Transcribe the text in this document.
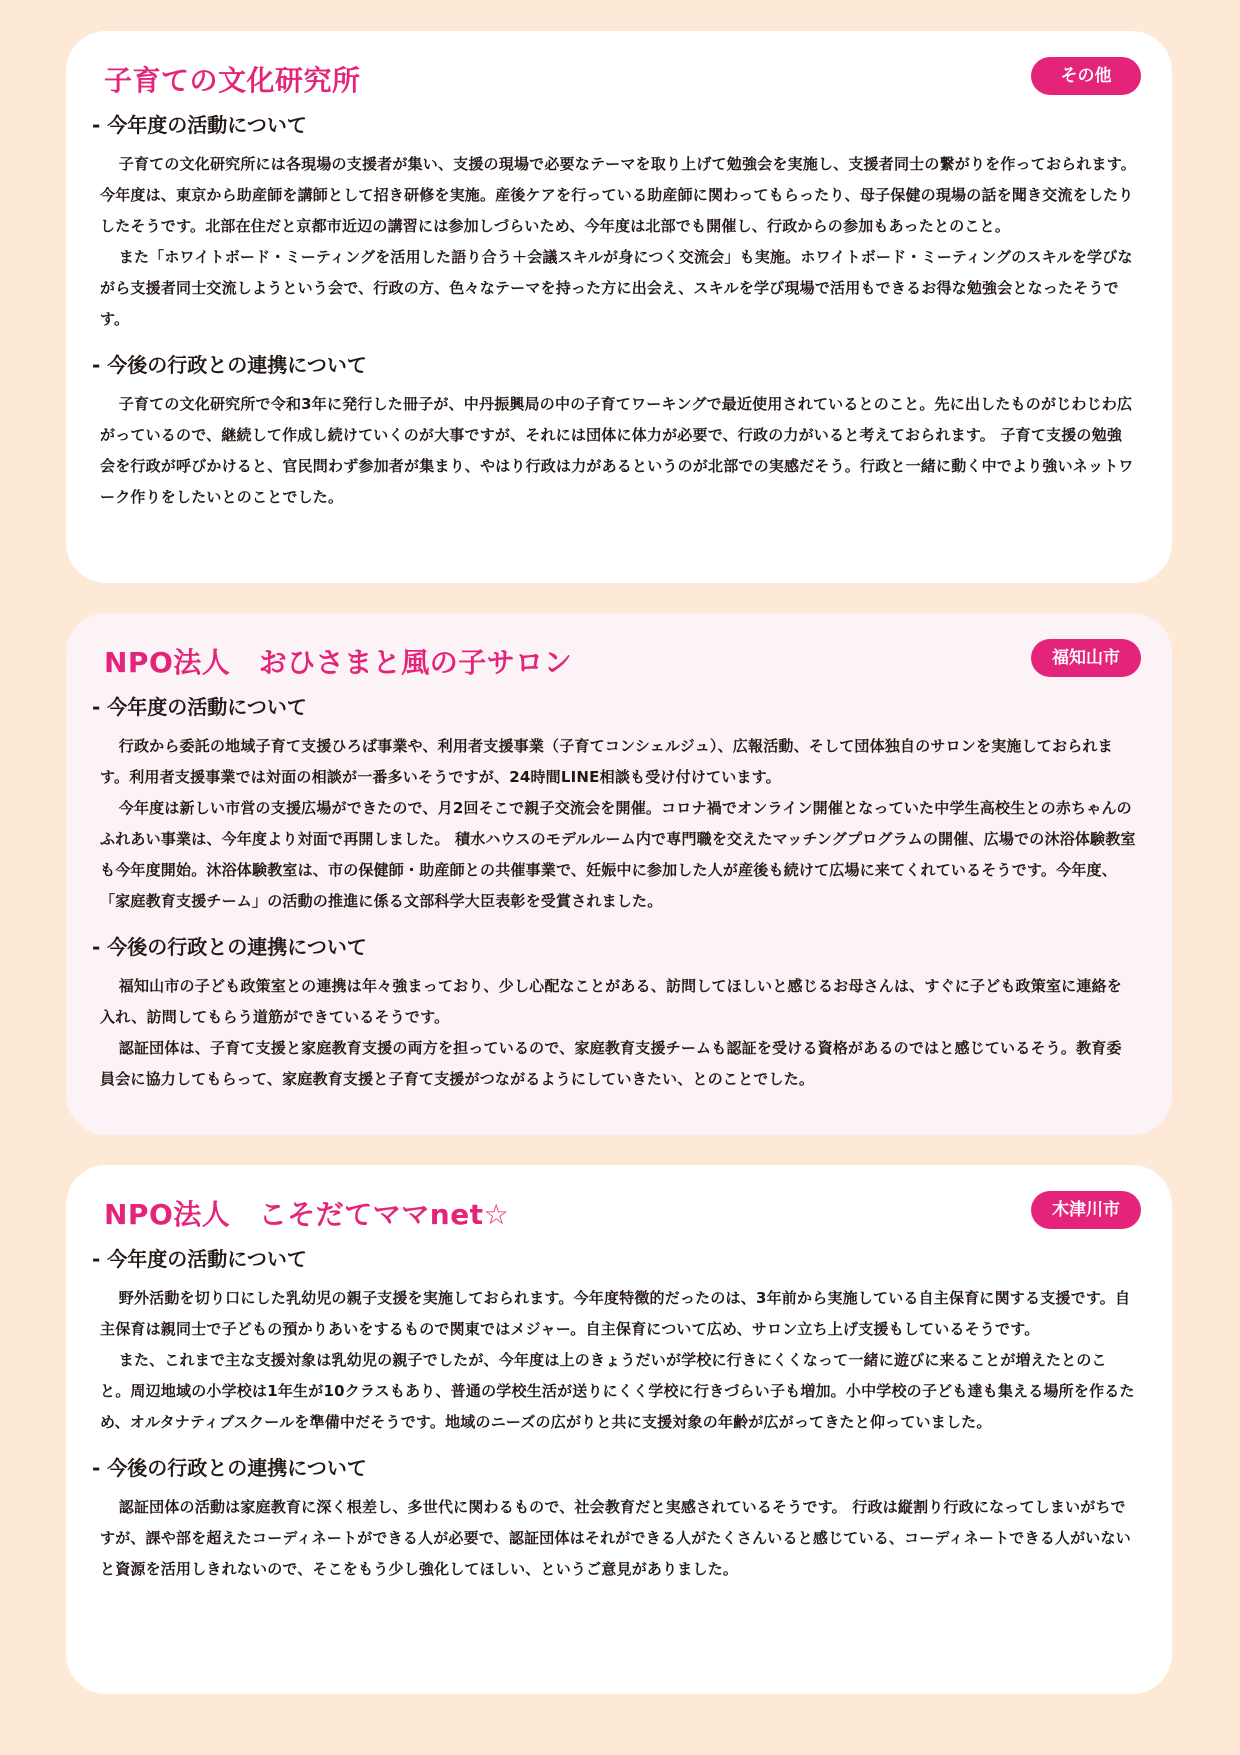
子育ての文化研究所	その他
- 今年度の活動について

子育ての文化研究所には各現場の支援者が集い、支援の現場で必要なテーマを取り上げて勉強会を実施し、支援者同士の繋がりを作っておられます。今年度は、東京から助産師を講師として招き研修を実施。産後ケアを行っている助産師に関わってもらったり、母子保健の現場の話を聞き交流をしたりしたそうです。北部在住だと京都市近辺の講習には参加しづらいため、今年度は北部でも開催し、行政からの参加もあったとのこと。

また「ホワイトボード・ミーティングを活用した語り合う＋会議スキルが身につく交流会」も実施。ホワイトボード・ミーティングのスキルを学びながら支援者同士交流しようという会で、行政の方、色々なテーマを持った方に出会え、スキルを学び現場で活用もできるお得な勉強会となったそうです。

- 今後の行政との連携について

子育ての文化研究所で令和3年に発行した冊子が、中丹振興局の中の子育てワーキングで最近使用されているとのこと。先に出したものがじわじわ広がっているので、継続して作成し続けていくのが大事ですが、それには団体に体力が必要で、行政の力がいると考えておられます。 子育て支援の勉強会を行政が呼びかけると、官民問わず参加者が集まり、やはり行政は力があるというのが北部での実感だそう。行政と一緒に動く中でより強いネットワーク作りをしたいとのことでした。

NPO法人　おひさまと風の子サロン	福知山市
- 今年度の活動について

行政から委託の地域子育て支援ひろば事業や、利用者支援事業（子育てコンシェルジュ）、広報活動、そして団体独自のサロンを実施しておられます。利用者支援事業では対面の相談が一番多いそうですが、24時間LINE相談も受け付けています。

今年度は新しい市営の支援広場ができたので、月2回そこで親子交流会を開催。コロナ禍でオンライン開催となっていた中学生高校生との赤ちゃんのふれあい事業は、今年度より対面で再開しました。 積水ハウスのモデルルーム内で専門職を交えたマッチングプログラムの開催、広場での沐浴体験教室も今年度開始。沐浴体験教室は、市の保健師・助産師との共催事業で、妊娠中に参加した人が産後も続けて広場に来てくれているそうです。今年度、「家庭教育支援チーム」の活動の推進に係る文部科学大臣表彰を受賞されました。

- 今後の行政との連携について

福知山市の子ども政策室との連携は年々強まっており、少し心配なことがある、訪問してほしいと感じるお母さんは、すぐに子ども政策室に連絡を入れ、訪問してもらう道筋ができているそうです。

認証団体は、子育て支援と家庭教育支援の両方を担っているので、家庭教育支援チームも認証を受ける資格があるのではと感じているそう。教育委員会に協力してもらって、家庭教育支援と子育て支援がつながるようにしていきたい、とのことでした。

NPO法人　こそだてママnet☆	木津川市
- 今年度の活動について

野外活動を切り口にした乳幼児の親子支援を実施しておられます。今年度特徴的だったのは、3年前から実施している自主保育に関する支援です。自主保育は親同士で子どもの預かりあいをするもので関東ではメジャー。自主保育について広め、サロン立ち上げ支援もしているそうです。

また、これまで主な支援対象は乳幼児の親子でしたが、今年度は上のきょうだいが学校に行きにくくなって一緒に遊びに来ることが増えたとのこと。周辺地域の小学校は1年生が10クラスもあり、普通の学校生活が送りにくく学校に行きづらい子も増加。小中学校の子ども達も集える場所を作るため、オルタナティブスクールを準備中だそうです。地域のニーズの広がりと共に支援対象の年齢が広がってきたと仰っていました。

- 今後の行政との連携について

認証団体の活動は家庭教育に深く根差し、多世代に関わるもので、社会教育だと実感されているそうです。 行政は縦割り行政になってしまいがちですが、課や部を超えたコーディネートができる人が必要で、認証団体はそれができる人がたくさんいると感じている、コーディネートできる人がいないと資源を活用しきれないので、そこをもう少し強化してほしい、というご意見がありました。
